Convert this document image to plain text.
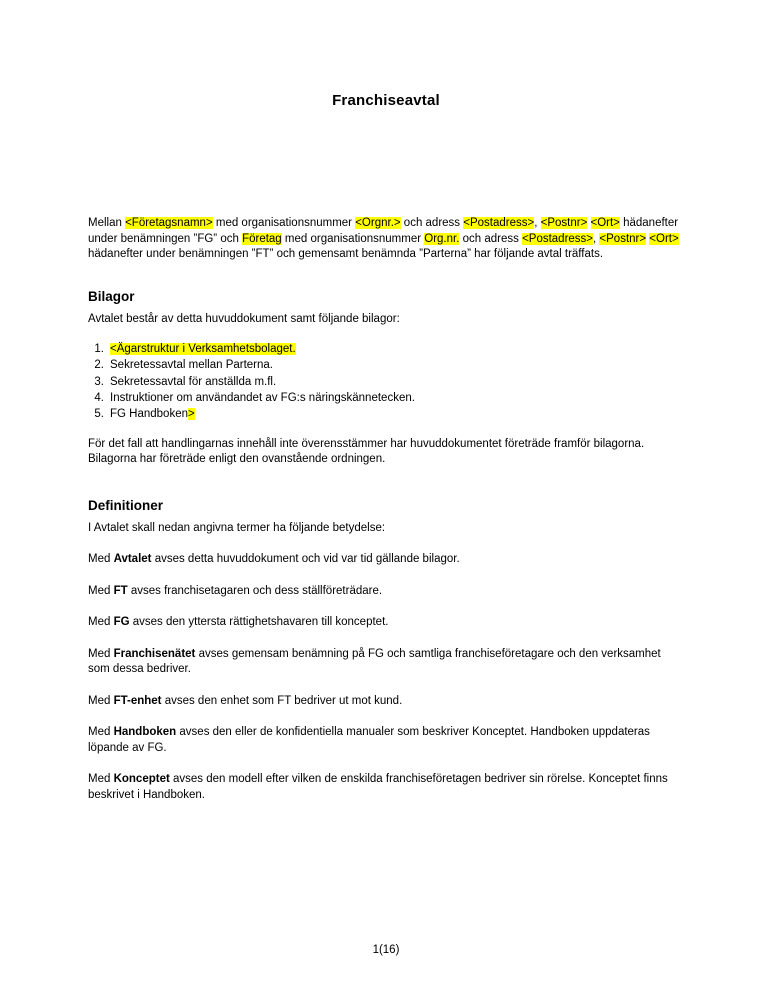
Franchiseavtal

Mellan <Företagsnamn> med organisationsnummer <Orgnr.> och adress <Postadress>, <Postnr> <Ort> hädanefter under benämningen ”FG” och Företag med organisationsnummer Org.nr. och adress <Postadress>, <Postnr> <Ort> hädanefter under benämningen ”FT” och gemensamt benämnda ”Parterna” har följande avtal träffats.

Bilagor

Avtalet består av detta huvuddokument samt följande bilagor:

1. <Ägarstruktur i Verksamhetsbolaget.
2. Sekretessavtal mellan Parterna.
3. Sekretessavtal för anställda m.fl.
4. Instruktioner om användandet av FG:s näringskännetecken.
5. FG Handboken>

För det fall att handlingarnas innehåll inte överensstämmer har huvuddokumentet företräde framför bilagorna. Bilagorna har företräde enligt den ovanstående ordningen.

Definitioner

I Avtalet skall nedan angivna termer ha följande betydelse:

Med Avtalet avses detta huvuddokument och vid var tid gällande bilagor.

Med FT avses franchisetagaren och dess ställföreträdare.

Med FG avses den yttersta rättighetshavaren till konceptet.

Med Franchisenätet avses gemensam benämning på FG och samtliga franchiseföretagare och den verksamhet som dessa bedriver.

Med FT-enhet avses den enhet som FT bedriver ut mot kund.

Med Handboken avses den eller de konfidentiella manualer som beskriver Konceptet. Handboken uppdateras löpande av FG.

Med Konceptet avses den modell efter vilken de enskilda franchiseföretagen bedriver sin rörelse. Konceptet finns beskrivet i Handboken.

1(16)
